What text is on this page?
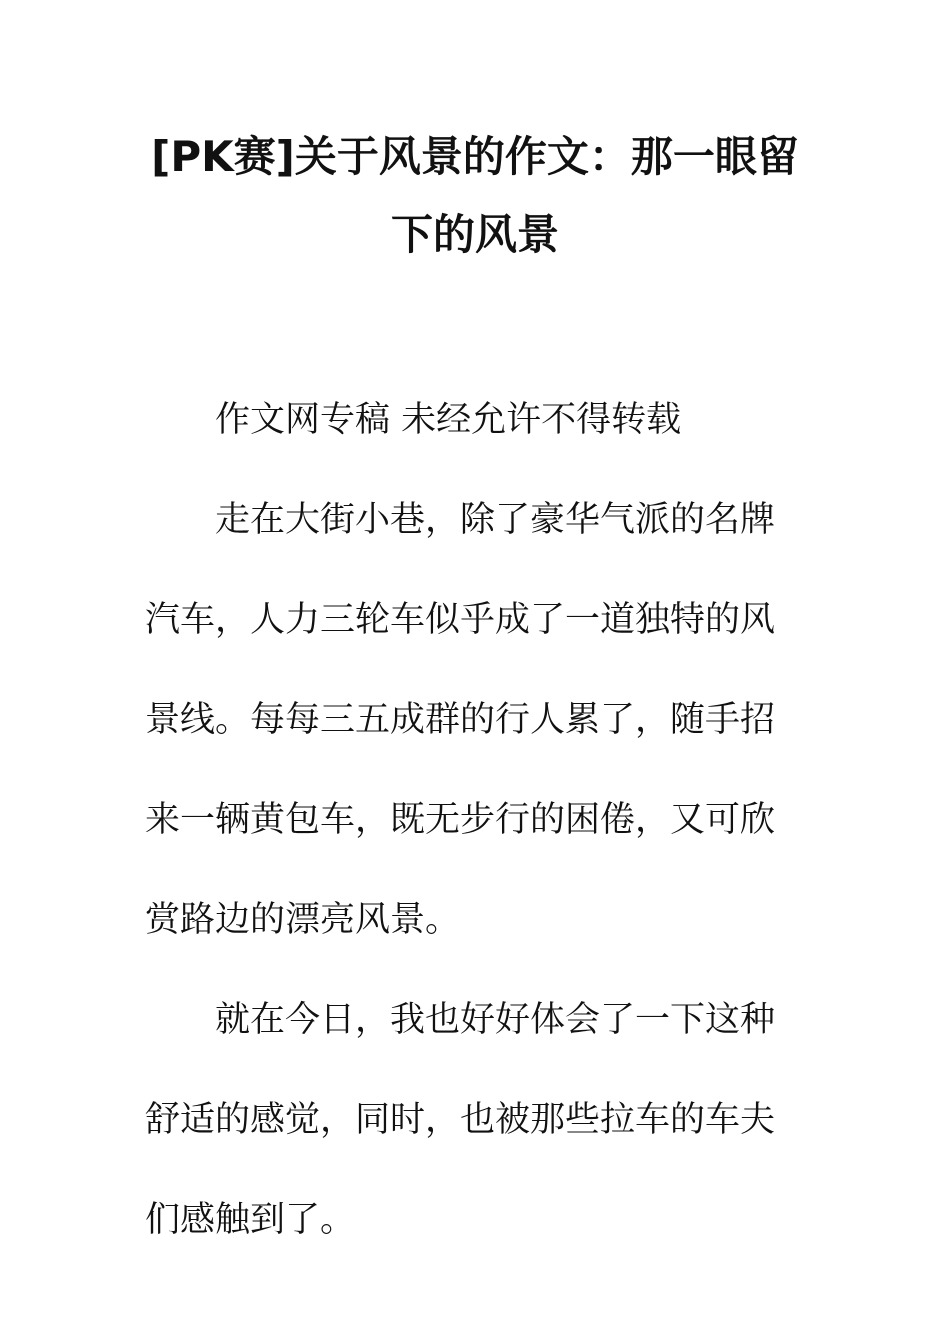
[PK赛]关于风景的作文：那一眼留
下的风景
作文网专稿 未经允许不得转载
走在大街小巷，除了豪华气派的名牌
汽车，人力三轮车似乎成了一道独特的风
景线。每每三五成群的行人累了，随手招
来一辆黄包车，既无步行的困倦，又可欣
赏路边的漂亮风景。
就在今日，我也好好体会了一下这种
舒适的感觉，同时，也被那些拉车的车夫
们感触到了。
